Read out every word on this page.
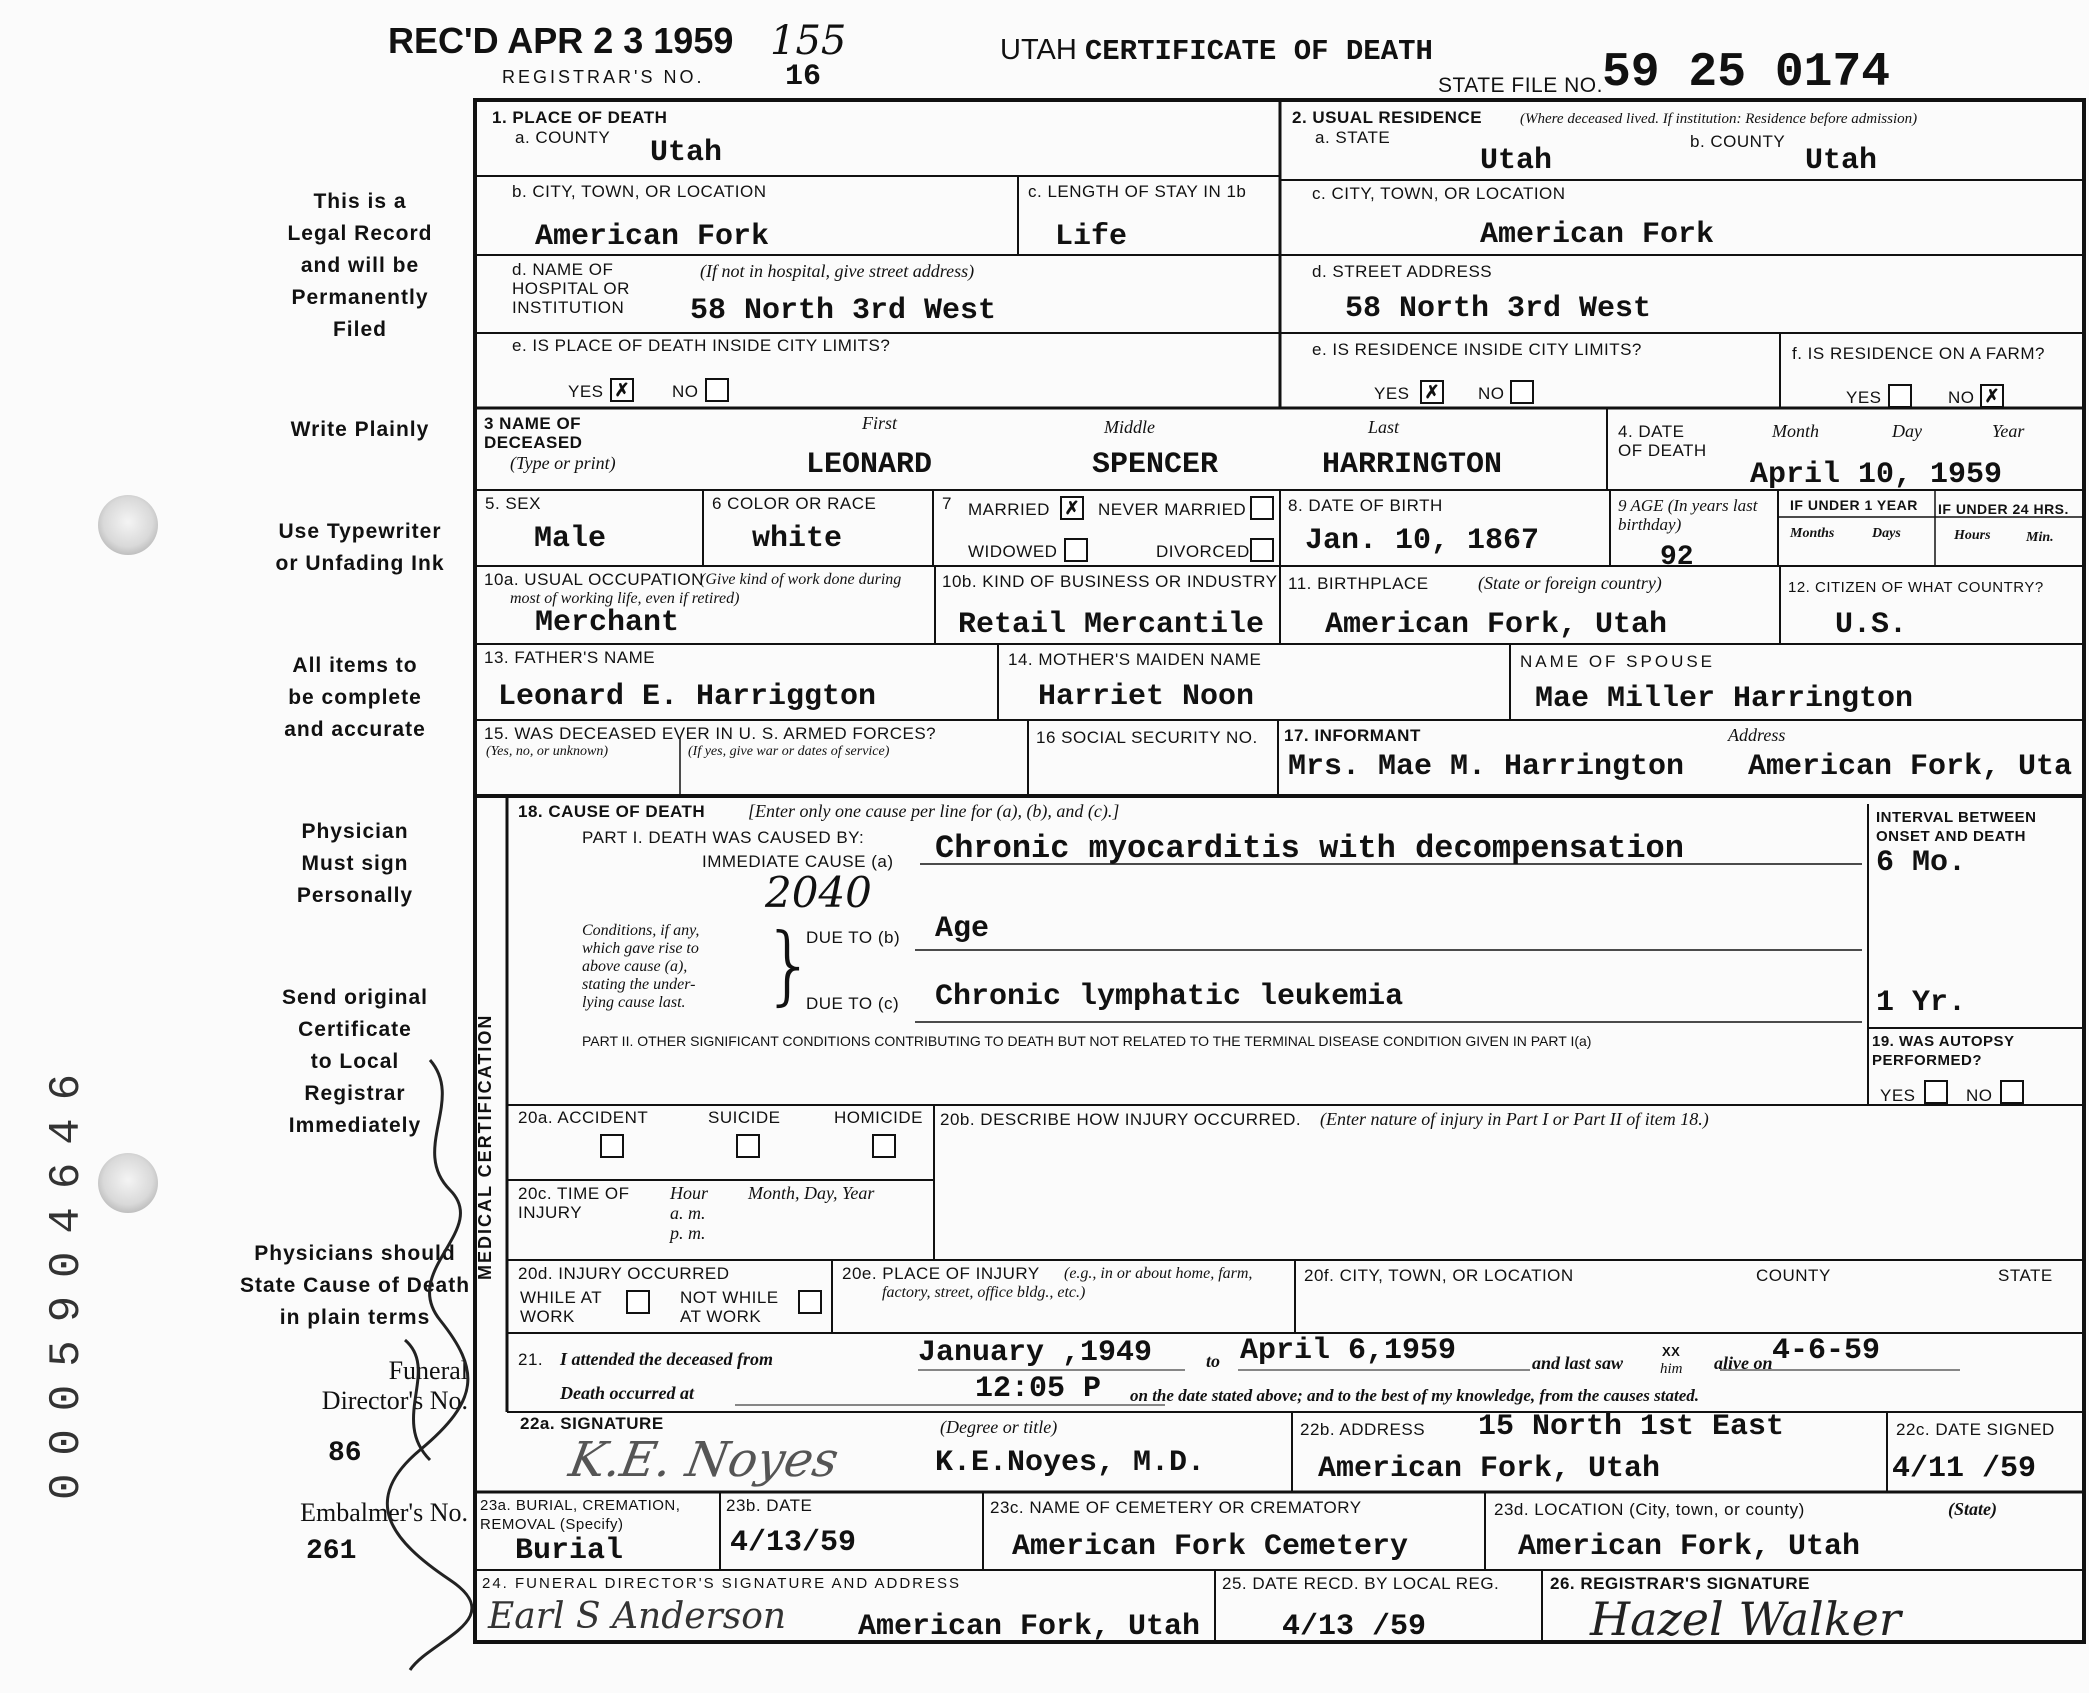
0005904646
REC'D APR 2 3 1959
REGISTRAR'S NO.
155
16
UTAH CERTIFICATE OF DEATH
STATE FILE NO. 59 25 0174
This is a
Legal Record
and will be
Permanently
Filed
Write Plainly
Use Typewriter
or Unfading Ink
All items to
be complete
and accurate
Physician
Must sign
Personally
Send original
Certificate
to Local
Registrar
Immediately
Physicians should
State Cause of Death
in plain terms
Funeral
Director's No.
86
Embalmer's No.
261
1. PLACE OF DEATH
a. COUNTY Utah
b. CITY, TOWN, OR LOCATION
American Fork
c. LENGTH OF STAY IN 1b
Life
d. NAME OF HOSPITAL OR INSTITUTION
(If not in hospital, give street address)
58 North 3rd West
e. IS PLACE OF DEATH INSIDE CITY LIMITS?
YES ✗ NO
2. USUAL RESIDENCE	(Where deceased lived. If institution: Residence before admission)
a. STATE
Utah
b. COUNTY
Utah
c. CITY, TOWN, OR LOCATION
American Fork
d. STREET ADDRESS
58 North 3rd West
e. IS RESIDENCE INSIDE CITY LIMITS?
YES ✗ NO
f. IS RESIDENCE ON A FARM?
YES	NO ✗
3 NAME OF DECEASED
(Type or print)
First	Middle	Last
LEONARD	SPENCER	HARRINGTON
4. DATE OF DEATH
Month	Day	Year
April 10, 1959
5. SEX
Male
6 COLOR OR RACE
white
7 MARRIED ✗ NEVER MARRIED
WIDOWED	DIVORCED
8. DATE OF BIRTH
Jan. 10, 1867
9 AGE (In years last birthday)
92
IF UNDER 1 YEAR IF UNDER 24 HRS.
Months	Days	Hours	Min.
10a. USUAL OCCUPATION
(Give kind of work done during most of working life, even if retired)
Merchant
10b. KIND OF BUSINESS OR INDUSTRY
Retail Mercantile
11. BIRTHPLACE	(State or foreign country)
American Fork, Utah
12. CITIZEN OF WHAT COUNTRY?
U.S.
13. FATHER'S NAME
Leonard E. Harriggton
14. MOTHER'S MAIDEN NAME
Harriet Noon
NAME OF SPOUSE
Mae Miller Harrington
15. WAS DECEASED EVER IN U. S. ARMED FORCES?
(Yes, no, or unknown)	(If yes, give war or dates of service)
16 SOCIAL SECURITY NO. 17. INFORMANT	Address
Mrs. Mae M. Harrington American Fork, Uta
MEDICAL CERTIFICATION
18. CAUSE OF DEATH [Enter only one cause per line for (a), (b), and (c).]
PART I. DEATH WAS CAUSED BY:
IMMEDIATE CAUSE (a) Chronic myocarditis with decompensation
2040
INTERVAL BETWEEN ONSET AND DEATH
6 Mo.
Conditions, if any,
which gave rise to
above cause (a),
stating the under-
lying cause last. }
DUE TO (b) Age
DUE TO (c) Chronic lymphatic leukemia	1 Yr.
PART II. OTHER SIGNIFICANT CONDITIONS CONTRIBUTING TO DEATH BUT NOT RELATED TO THE TERMINAL DISEASE CONDITION GIVEN IN PART I(a)	19. WAS AUTOPSY PERFORMED?
YES	NO
20a. ACCIDENT	SUICIDE	HOMICIDE 20b. DESCRIBE HOW INJURY OCCURRED. (Enter nature of injury in Part I or Part II of item 18.)
20c. TIME OF INJURY
Hour
a. m.
p. m.
Month, Day, Year
20d. INJURY OCCURRED
WHILE AT WORK
NOT WHILE AT WORK
20e. PLACE OF INJURY	(e.g., in or about home, farm, factory, street, office bldg., etc.)
20f. CITY, TOWN, OR LOCATION	COUNTY	STATE
21. I attended the deceased from	January ,1949	to April 6,1959	and last saw
XX
him alive on 4-6-59
Death occurred at	12:05 P on the date stated above; and to the best of my knowledge, from the causes stated.
22a. SIGNATURE	(Degree or title)
K.E. Noyes	K.E.Noyes, M.D.
22b. ADDRESS 15 North 1st East
American Fork, Utah
22c. DATE SIGNED
4/11 /59
23a. BURIAL, CREMATION, REMOVAL (Specify)
Burial
23b. DATE
4/13/59
23c. NAME OF CEMETERY OR CREMATORY
American Fork Cemetery
23d. LOCATION (City, town, or county)	(State)
American Fork, Utah
24. FUNERAL DIRECTOR'S SIGNATURE AND ADDRESS
Earl S Anderson American Fork, Utah
25. DATE RECD. BY LOCAL REG.
4/13 /59
26. REGISTRAR'S SIGNATURE
Hazel Walker
